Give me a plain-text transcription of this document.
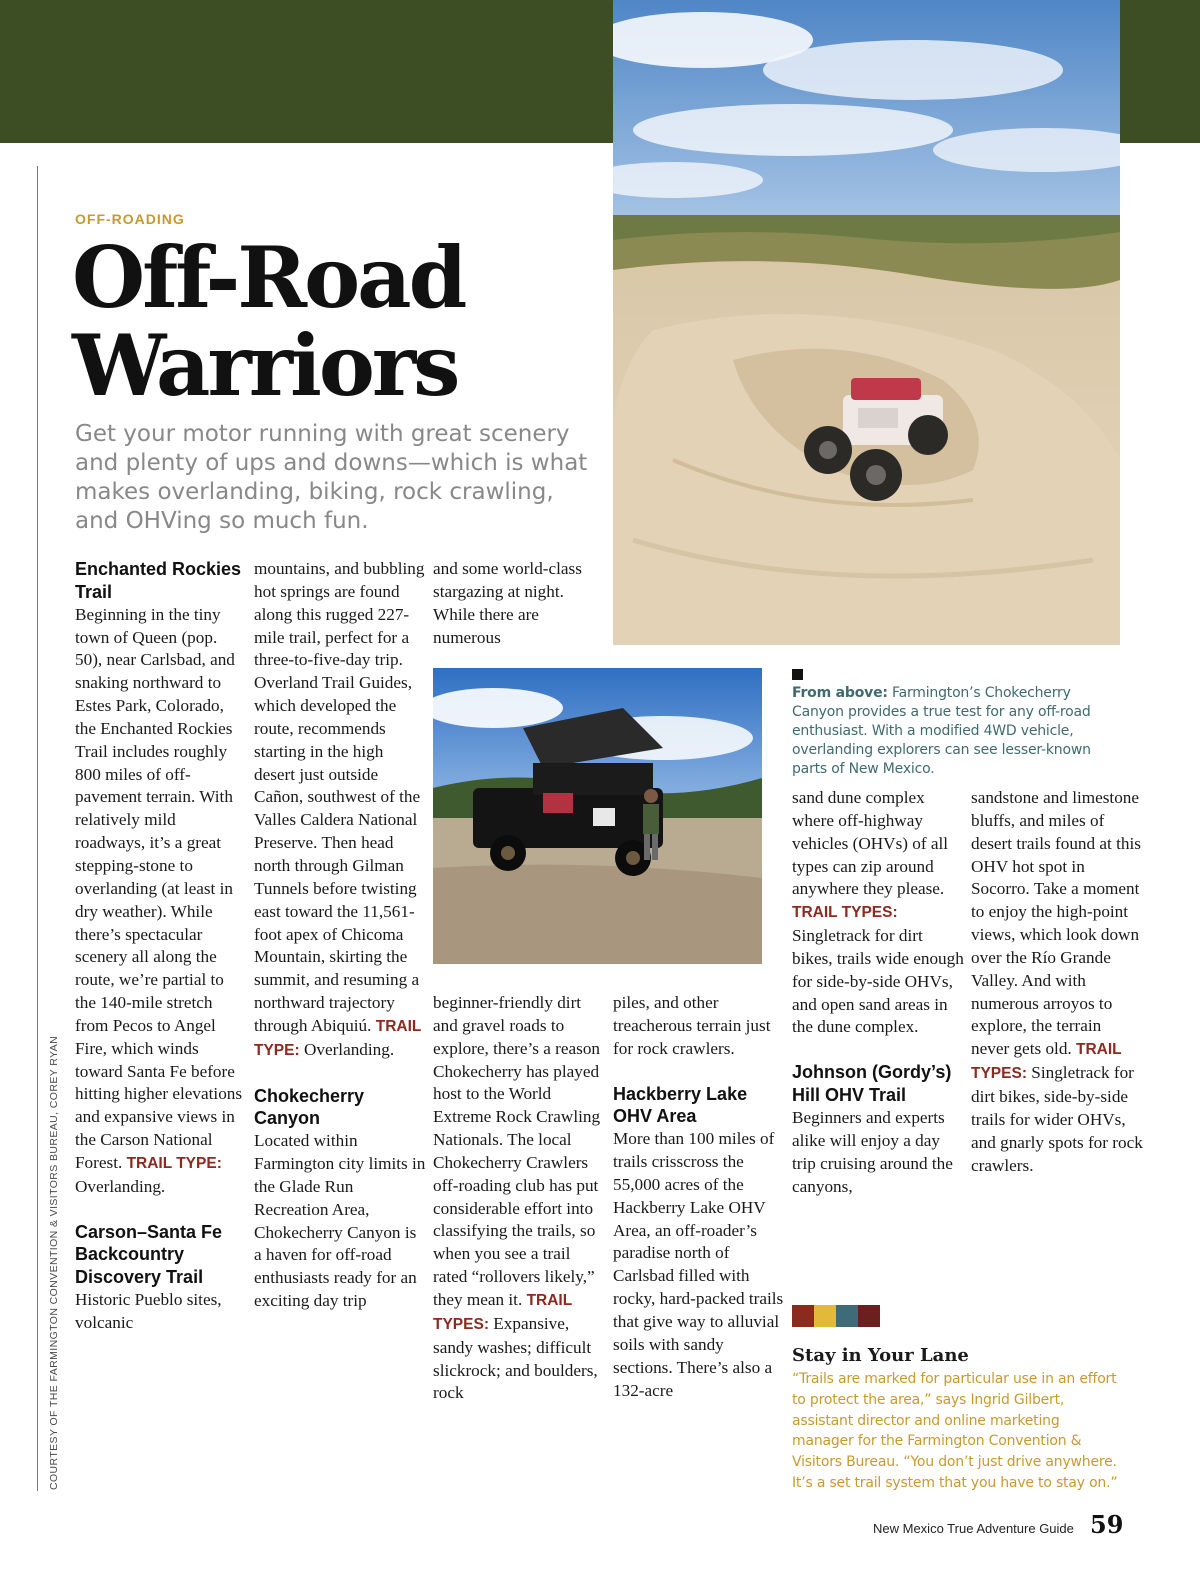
COURTESY OF THE FARMINGTON CONVENTION & VISITORS BUREAU, COREY RYAN
OFF-ROADING
Off-Road
Warriors
Get your motor running with great scenery and plenty of ups and downs—which is what makes overlanding, biking, rock crawling, and OHVing so much fun.

Enchanted Rockies Trail

Beginning in the tiny town of Queen (pop. 50), near Carlsbad, and snaking northward to Estes Park, Colorado, the Enchanted Rockies Trail includes roughly 800 miles of off-pavement terrain. With relatively mild roadways, it’s a great stepping-stone to overlanding (at least in dry weather). While there’s spectacular scenery all along the route, we’re partial to the 140-mile stretch from Pecos to Angel Fire, which winds toward Santa Fe before hitting higher elevations and expansive views in the Carson National Forest. TRAIL TYPE: Overlanding.

Carson–Santa Fe Backcountry Discovery Trail

Historic Pueblo sites, volcanic

mountains, and bubbling hot springs are found along this rugged 227-mile trail, perfect for a three-to-five-day trip. Overland Trail Guides, which developed the route, recommends starting in the high desert just outside Cañon, southwest of the Valles Caldera National Preserve. Then head north through Gilman Tunnels before twisting east toward the 11,561-foot apex of Chicoma Mountain, skirting the summit, and resuming a northward trajectory through Abiquiú. TRAIL TYPE: Overlanding.

Chokecherry Canyon

Located within Farmington city limits in the Glade Run Recreation Area, Chokecherry Canyon is a haven for off-road enthusiasts ready for an exciting day trip

and some world-class stargazing at night. While there are numerous

beginner-friendly dirt and gravel roads to explore, there’s a reason Chokecherry has played host to the World Extreme Rock Crawling Nationals. The local Chokecherry Crawlers off-roading club has put considerable effort into classifying the trails, so when you see a trail rated “rollovers likely,” they mean it. TRAIL TYPES: Expansive, sandy washes; difficult slickrock; and boulders, rock

piles, and other treacherous terrain just for rock crawlers.

Hackberry Lake OHV Area

More than 100 miles of trails crisscross the 55,000 acres of the Hackberry Lake OHV Area, an off-roader’s paradise north of Carlsbad filled with rocky, hard-packed trails that give way to alluvial soils with sandy sections. There’s also a 132-acre

From above: Farmington’s Chokecherry Canyon provides a true test for any off-road enthusiast. With a modified 4WD vehicle, overlanding explorers can see lesser-known parts of New Mexico.

sand dune complex where off-highway vehicles (OHVs) of all types can zip around anywhere they please. TRAIL TYPES: Singletrack for dirt bikes, trails wide enough for side-by-side OHVs, and open sand areas in the dune complex.

Johnson (Gordy’s) Hill OHV Trail

Beginners and experts alike will enjoy a day trip cruising around the canyons,

sandstone and limestone bluffs, and miles of desert trails found at this OHV hot spot in Socorro. Take a moment to enjoy the high-point views, which look down over the Río Grande Valley. And with numerous arroyos to explore, the terrain never gets old. TRAIL TYPES: Singletrack for dirt bikes, side-by-side trails for wider OHVs, and gnarly spots for rock crawlers.

Stay in Your Lane
“Trails are marked for particular use in an effort to protect the area,” says Ingrid Gilbert, assistant director and online marketing manager for the Farmington Convention & Visitors Bureau. “You don’t just drive anywhere. It’s a set trail system that you have to stay on.”
New Mexico True Adventure Guide 59
